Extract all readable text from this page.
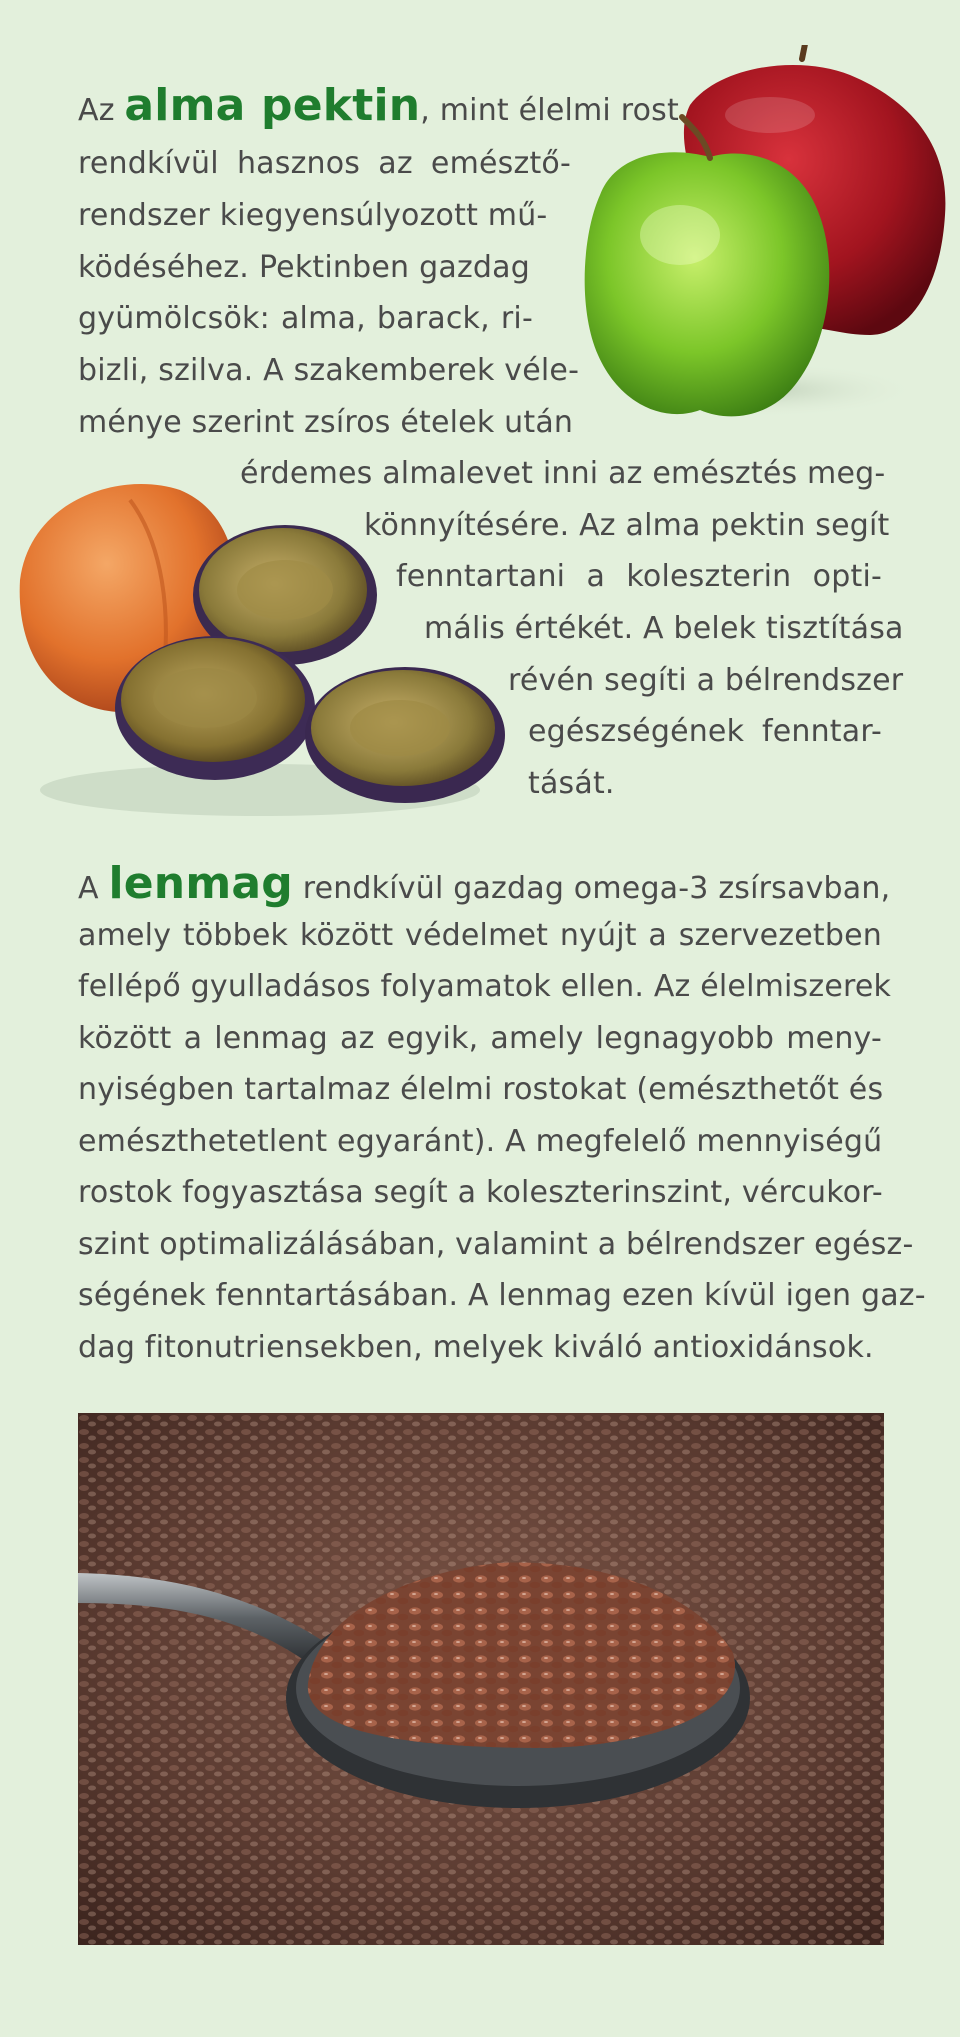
Az alma pektin, mint élelmi rost
rendkívül hasznos az emésztő-
rendszer kiegyensúlyozott mű-
ködéséhez. Pektinben gazdag
gyümölcsök: alma, barack, ri-
bizli, szilva. A szakemberek véle-
ménye szerint zsíros ételek után
érdemes almalevet inni az emésztés meg-
könnyítésére. Az alma pektin segít
fenntartani a koleszterin opti-
mális értékét. A belek tisztítása
révén segíti a bélrendszer
egészségének fenntar-
tását.
A lenmag rendkívül gazdag omega-3 zsírsavban,
amely többek között védelmet nyújt a szervezetben
fellépő gyulladásos folyamatok ellen. Az élelmiszerek
között a lenmag az egyik, amely legnagyobb meny-
nyiségben tartalmaz élelmi rostokat (emészthetőt és
emészthetetlent egyaránt). A megfelelő mennyiségű
rostok fogyasztása segít a koleszterinszint, vércukor-
szint optimalizálásában, valamint a bélrendszer egész-
ségének fenntartásában. A lenmag ezen kívül igen gaz-
dag fitonutriensekben, melyek kiváló antioxidánsok.
